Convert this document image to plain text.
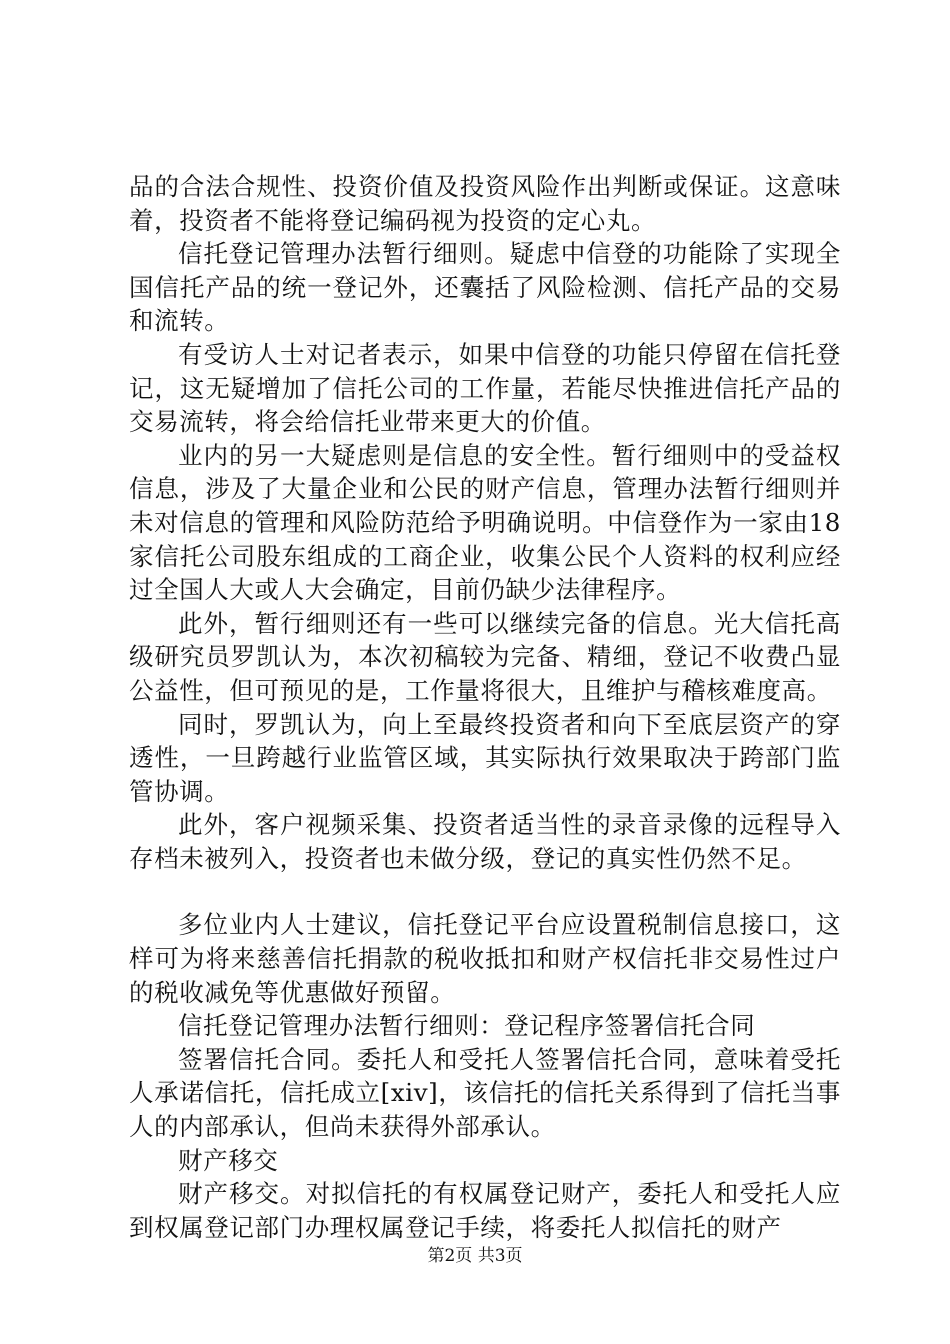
品的合法合规性、投资价值及投资风险作出判断或保证。这意味着，投资者不能将登记编码视为投资的定心丸。

信托登记管理办法暂行细则。疑虑中信登的功能除了实现全国信托产品的统一登记外，还囊括了风险检测、信托产品的交易和流转。

有受访人士对记者表示，如果中信登的功能只停留在信托登记，这无疑增加了信托公司的工作量，若能尽快推进信托产品的交易流转，将会给信托业带来更大的价值。

业内的另一大疑虑则是信息的安全性。暂行细则中的受益权信息，涉及了大量企业和公民的财产信息，管理办法暂行细则并未对信息的管理和风险防范给予明确说明。中信登作为一家由18家信托公司股东组成的工商企业，收集公民个人资料的权利应经过全国人大或人大会确定，目前仍缺少法律程序。

此外，暂行细则还有一些可以继续完备的信息。光大信托高级研究员罗凯认为，本次初稿较为完备、精细，登记不收费凸显公益性，但可预见的是，工作量将很大，且维护与稽核难度高。

同时，罗凯认为，向上至最终投资者和向下至底层资产的穿透性，一旦跨越行业监管区域，其实际执行效果取决于跨部门监管协调。

此外，客户视频采集、投资者适当性的录音录像的远程导入存档未被列入，投资者也未做分级，登记的真实性仍然不足。

多位业内人士建议，信托登记平台应设置税制信息接口，这样可为将来慈善信托捐款的税收抵扣和财产权信托非交易性过户的税收减免等优惠做好预留。

信托登记管理办法暂行细则：登记程序签署信托合同

签署信托合同。委托人和受托人签署信托合同，意味着受托人承诺信托，信托成立[xiv]，该信托的信托关系得到了信托当事人的内部承认，但尚未获得外部承认。

财产移交

财产移交。对拟信托的有权属登记财产，委托人和受托人应到权属登记部门办理权属登记手续，将委托人拟信托的财产

第2页 共3页
